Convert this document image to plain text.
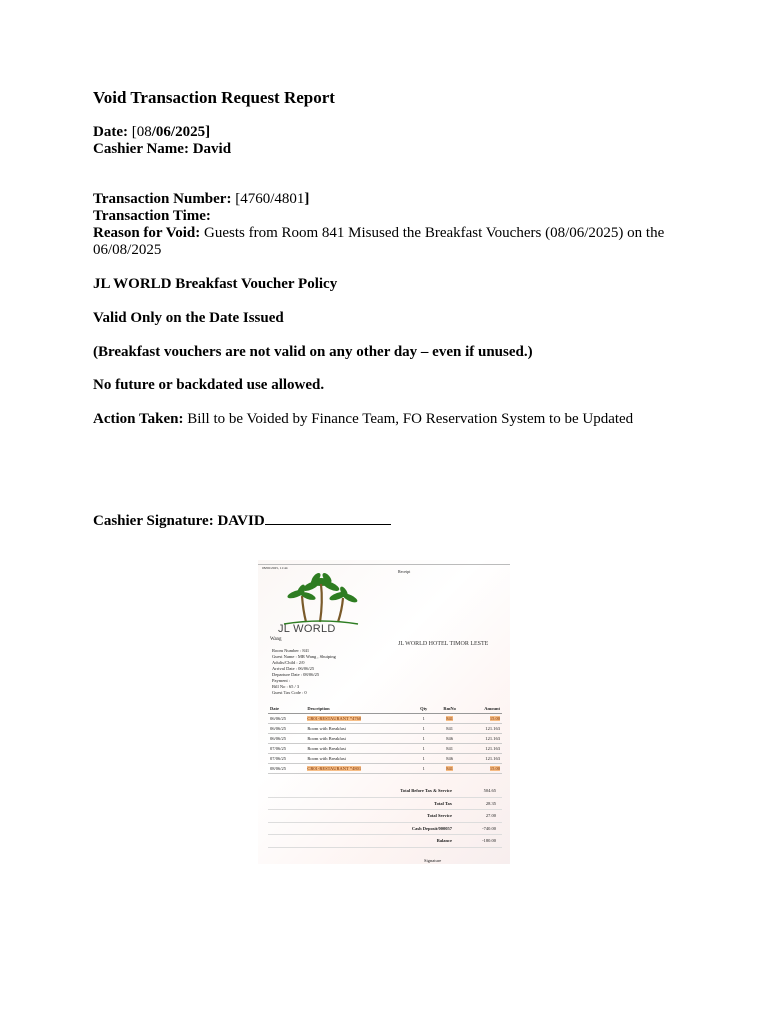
Void Transaction Request Report
Date: [08/06/2025]
Cashier Name: David
Transaction Number: [4760/4801]
Transaction Time:
Reason for Void: Guests from Room 841 Misused the Breakfast Vouchers (08/06/2025) on the 06/08/2025
JL WORLD Breakfast Voucher Policy
Valid Only on the Date Issued
(Breakfast vouchers are not valid on any other day – even if unused.)
No future or backdated use allowed.
Action Taken: Bill to be Voided by Finance Team, FO Reservation System to be Updated
Cashier Signature: DAVID
08/06/2025, 11:44
Receipt
JL WORLD
Wang
JL WORLD HOTEL TIMOR LESTE
Room Number : 841
Guest Name : MR Wang , Shuiping
Adults/Child : 2/0
Arrival Date : 06/06/25
Departure Date : 08/06/25
Payment :
Bill No : 65 / 3
Guest Tax Code : 0
Date	Description	Qty	RmNo	Amount
06/06/25	CR01-RESTAURANT *4760	1	841	15.00
06/06/25	Room with Breakfast	1	841	121.163
06/06/25	Room with Breakfast	1	846	121.163
07/06/25	Room with Breakfast	1	841	121.163
07/06/25	Room with Breakfast	1	846	121.163
08/06/25	CR01-RESTAURANT *4801	1	841	15.00
Total Before Tax & Service	504.65
Total Tax	28.35
Total Service	27.00
Cash Deposit/000057	-740.00
Balance	-180.00
Signature
